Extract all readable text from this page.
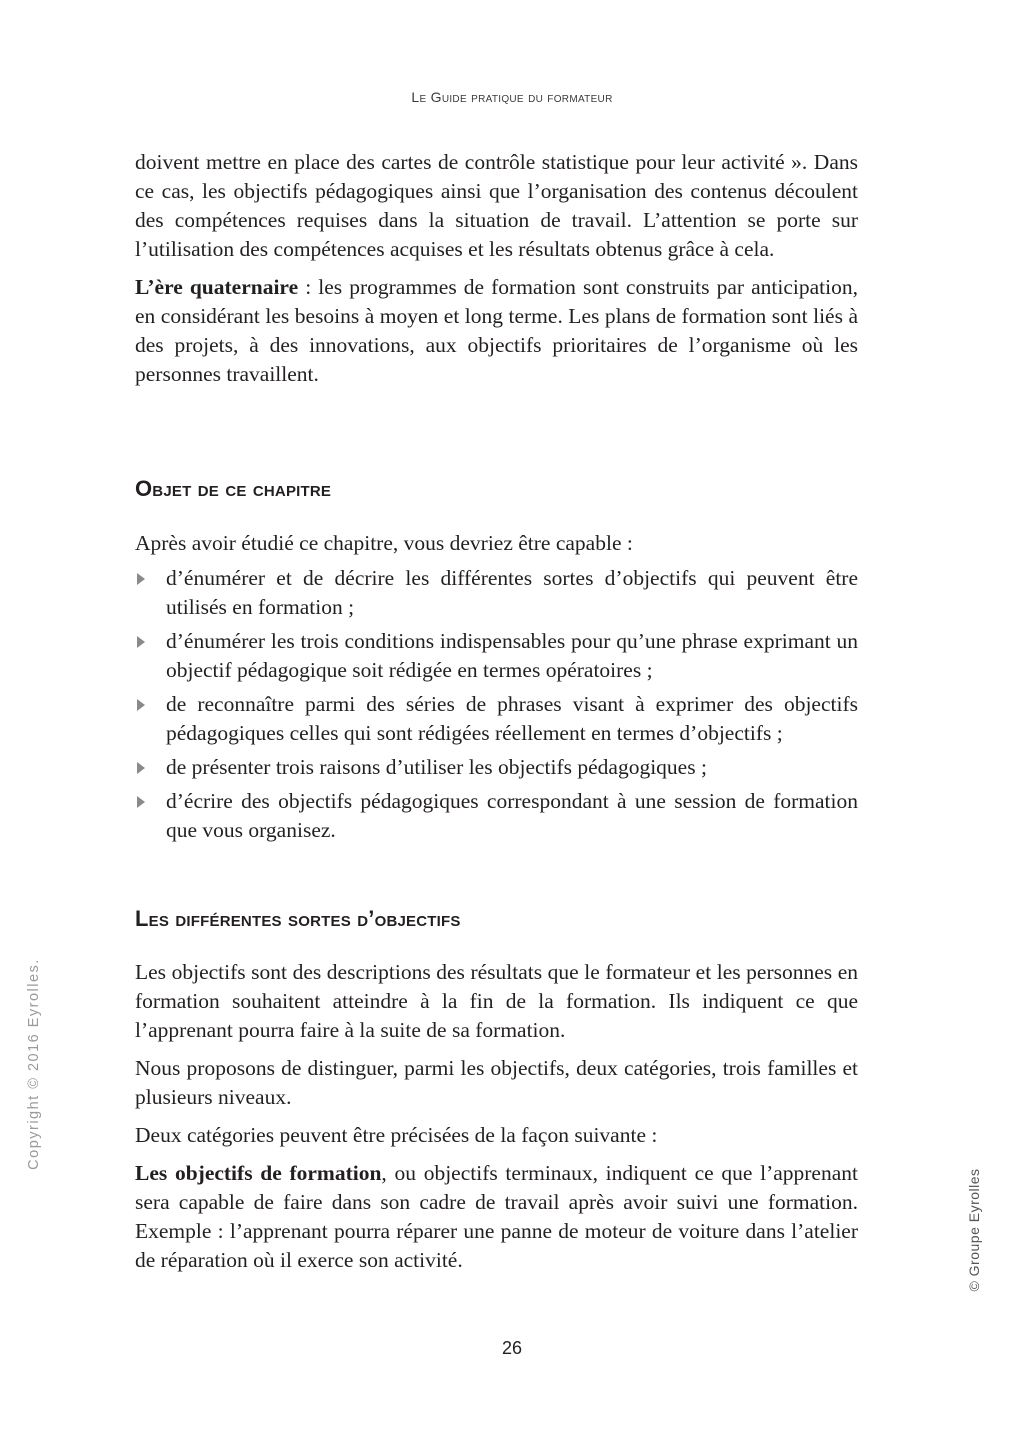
Le Guide pratique du formateur

doivent mettre en place des cartes de contrôle statistique pour leur activité ». Dans ce cas, les objectifs pédagogiques ainsi que l’organisation des contenus découlent des compétences requises dans la situation de travail. L’attention se porte sur l’utilisation des compétences acquises et les résultats obtenus grâce à cela.

L’ère quaternaire : les programmes de formation sont construits par anticipation, en considérant les besoins à moyen et long terme. Les plans de formation sont liés à des projets, à des innovations, aux objectifs prioritaires de l’organisme où les personnes travaillent.

Objet de ce chapitre

Après avoir étudié ce chapitre, vous devriez être capable :

d’énumérer et de décrire les différentes sortes d’objectifs qui peuvent être utilisés en formation ;
d’énumérer les trois conditions indispensables pour qu’une phrase exprimant un objectif pédagogique soit rédigée en termes opératoires ;
de reconnaître parmi des séries de phrases visant à exprimer des objectifs pédagogiques celles qui sont rédigées réellement en termes d’objectifs ;
de présenter trois raisons d’utiliser les objectifs pédagogiques ;
d’écrire des objectifs pédagogiques correspondant à une session de formation que vous organisez.
Les différentes sortes d’objectifs

Les objectifs sont des descriptions des résultats que le formateur et les personnes en formation souhaitent atteindre à la fin de la formation. Ils indiquent ce que l’apprenant pourra faire à la suite de sa formation.

Nous proposons de distinguer, parmi les objectifs, deux catégories, trois familles et plusieurs niveaux.

Deux catégories peuvent être précisées de la façon suivante :

Les objectifs de formation, ou objectifs terminaux, indiquent ce que l’apprenant sera capable de faire dans son cadre de travail après avoir suivi une formation. Exemple : l’apprenant pourra réparer une panne de moteur de voiture dans l’atelier de réparation où il exerce son activité.

26
Copyright © 2016 Eyrolles.
© Groupe Eyrolles
